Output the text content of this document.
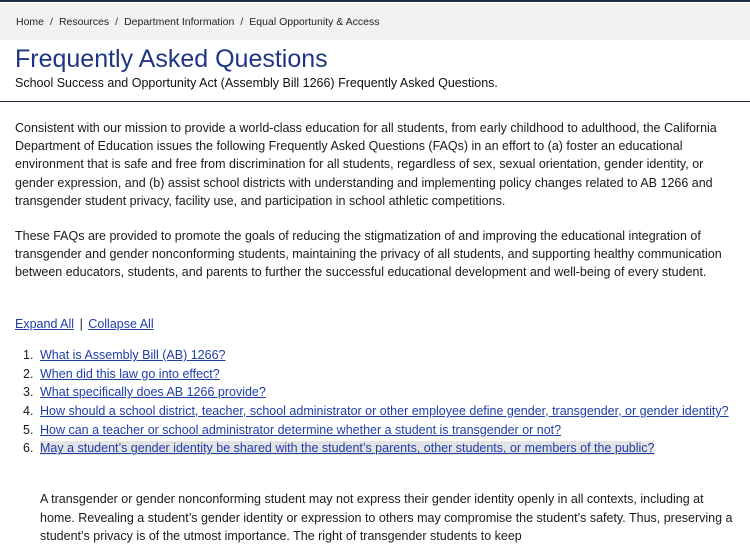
Home / Resources / Department Information / Equal Opportunity & Access
Frequently Asked Questions
School Success and Opportunity Act (Assembly Bill 1266) Frequently Asked Questions.

Consistent with our mission to provide a world-class education for all students, from early childhood to adulthood, the California Department of Education issues the following Frequently Asked Questions (FAQs) in an effort to (a) foster an educational environment that is safe and free from discrimination for all students, regardless of sex, sexual orientation, gender identity, or gender expression, and (b) assist school districts with understanding and implementing policy changes related to AB 1266 and transgender student privacy, facility use, and participation in school athletic competitions.

These FAQs are provided to promote the goals of reducing the stigmatization of and improving the educational integration of transgender and gender nonconforming students, maintaining the privacy of all students, and supporting healthy communication between educators, students, and parents to further the successful educational development and well-being of every student.

Expand All | Collapse All
1. What is Assembly Bill (AB) 1266?
2. When did this law go into effect?
3. What specifically does AB 1266 provide?
4. How should a school district, teacher, school administrator or other employee define gender, transgender, or gender identity?
5. How can a teacher or school administrator determine whether a student is transgender or not?
6. May a student’s gender identity be shared with the student’s parents, other students, or members of the public?

A transgender or gender nonconforming student may not express their gender identity openly in all contexts, including at home. Revealing a student’s gender identity or expression to others may compromise the student’s safety. Thus, preserving a student’s privacy is of the utmost importance. The right of transgender students to keep
